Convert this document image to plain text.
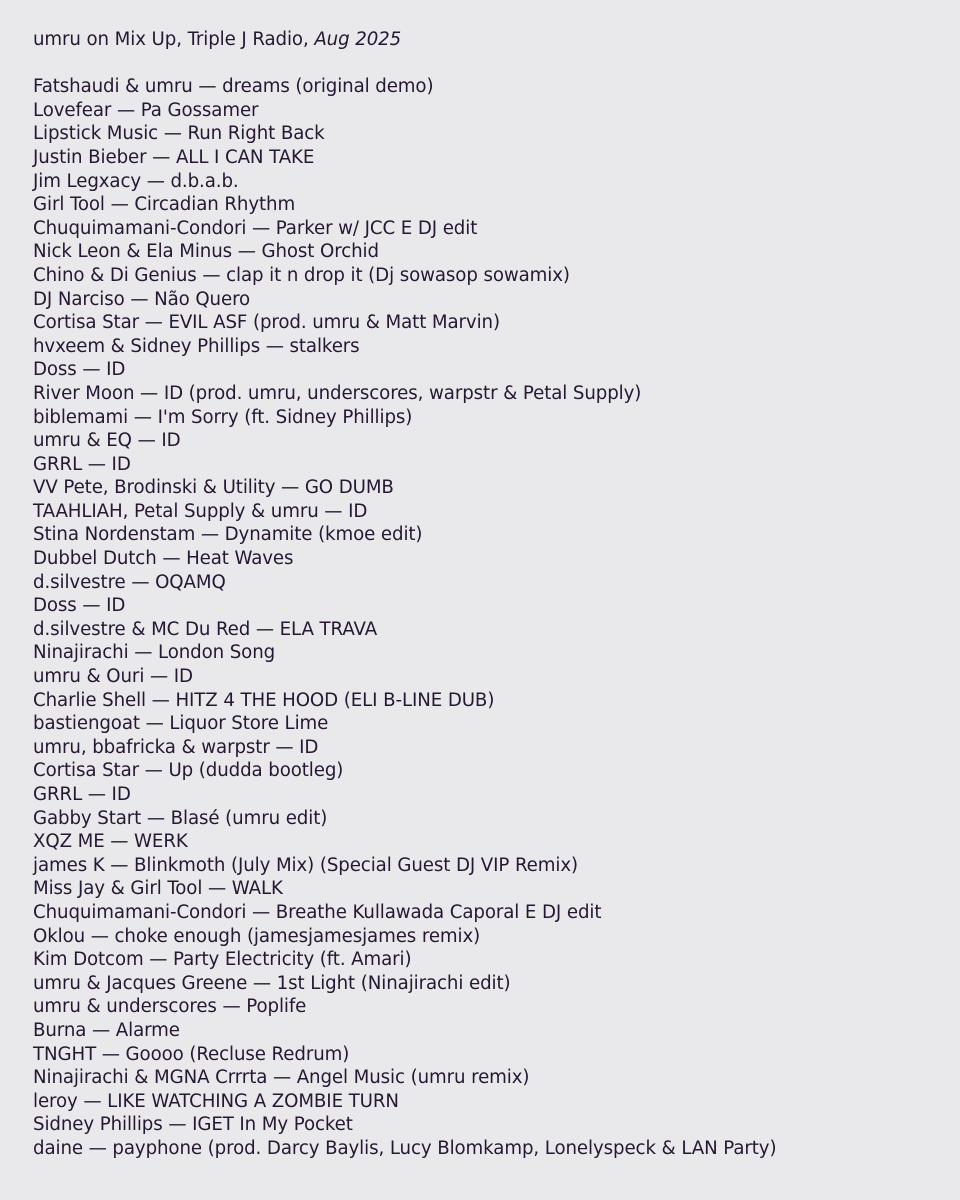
umru on Mix Up, Triple J Radio, Aug 2025
Fatshaudi & umru — dreams (original demo)
Lovefear — Pa Gossamer
Lipstick Music — Run Right Back
Justin Bieber — ALL I CAN TAKE
Jim Legxacy — d.b.a.b.
Girl Tool — Circadian Rhythm
Chuquimamani-Condori — Parker w/ JCC E DJ edit
Nick Leon & Ela Minus — Ghost Orchid
Chino & Di Genius — clap it n drop it (Dj sowasop sowamix)
DJ Narciso — Não Quero
Cortisa Star — EVIL ASF (prod. umru & Matt Marvin)
hvxeem & Sidney Phillips — stalkers
Doss — ID
River Moon — ID (prod. umru, underscores, warpstr & Petal Supply)
biblemami — I'm Sorry (ft. Sidney Phillips)
umru & EQ — ID
GRRL — ID
VV Pete, Brodinski & Utility — GO DUMB
TAAHLIAH, Petal Supply & umru — ID
Stina Nordenstam — Dynamite (kmoe edit)
Dubbel Dutch — Heat Waves
d.silvestre — OQAMQ
Doss — ID
d.silvestre & MC Du Red — ELA TRAVA
Ninajirachi — London Song
umru & Ouri — ID
Charlie Shell — HITZ 4 THE HOOD (ELI B-LINE DUB)
bastiengoat — Liquor Store Lime
umru, bbafricka & warpstr — ID
Cortisa Star — Up (dudda bootleg)
GRRL — ID
Gabby Start — Blasé (umru edit)
XQZ ME — WERK
james K — Blinkmoth (July Mix) (Special Guest DJ VIP Remix)
Miss Jay & Girl Tool — WALK
Chuquimamani-Condori — Breathe Kullawada Caporal E DJ edit
Oklou — choke enough (jamesjamesjames remix)
Kim Dotcom — Party Electricity (ft. Amari)
umru & Jacques Greene — 1st Light (Ninajirachi edit)
umru & underscores — Poplife
Burna — Alarme
TNGHT — Goooo (Recluse Redrum)
Ninajirachi & MGNA Crrrta — Angel Music (umru remix)
leroy — LIKE WATCHING A ZOMBIE TURN
Sidney Phillips — IGET In My Pocket
daine — payphone (prod. Darcy Baylis, Lucy Blomkamp, Lonelyspeck & LAN Party)
